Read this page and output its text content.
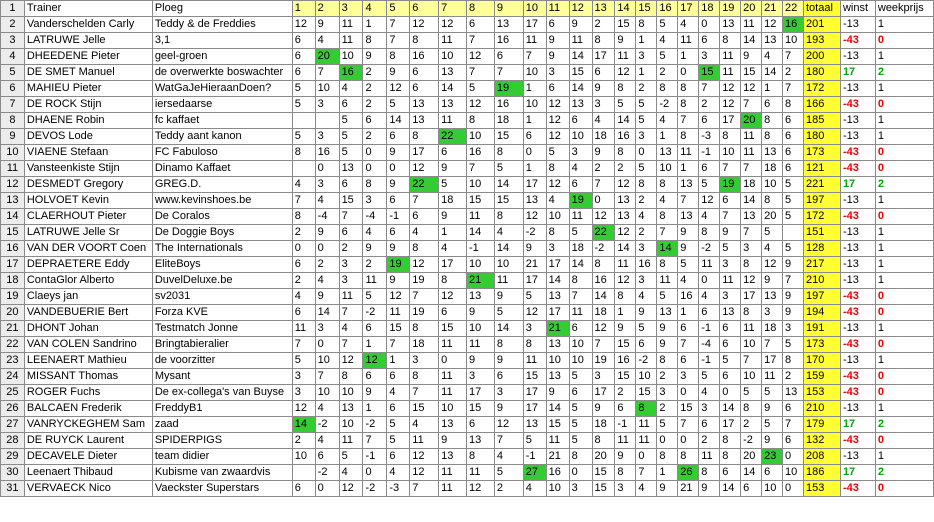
1	Trainer	Ploeg	1	2	3	4	5	6	7	8	9	10	11	12	13	14	15	16	17	18	19	20	21	22	totaal	winst	weekprijs
2	Vanderschelden Carly	Teddy & de Freddies	12	9	11	1	7	12	12	6	13	17	6	9	2	15	8	5	4	0	13	11	12	16	201	-13	1
3	LATRUWE Jelle	3,1	6	4	11	8	7	8	11	7	16	11	9	11	8	9	1	4	11	6	8	14	13	10	193	-43	0
4	DHEEDENE Pieter	geel-groen	6	20	10	9	8	16	10	12	6	7	9	14	17	11	3	5	1	3	11	9	4	7	200	-13	1
5	DE SMET Manuel	de overwerkte boswachter	6	7	16	2	9	6	13	7	7	10	3	15	6	12	1	2	0	15	11	15	14	2	180	17	2
6	MAHIEU Pieter	WatGaJeHieraanDoen?	5	10	4	2	12	6	14	5	19	1	6	14	9	8	2	8	8	7	12	12	1	7	172	-13	1
7	DE ROCK Stijn	iersedaarse	5	3	6	2	5	13	13	12	16	10	12	13	3	5	5	-2	8	2	12	7	6	8	166	-43	0
8	DHAENE Robin	fc kaffaet			5	6	14	13	11	8	18	1	12	6	4	14	5	4	7	6	17	20	8	6	185	-13	1
9	DEVOS Lode	Teddy aant kanon	5	3	5	2	6	8	22	10	15	6	12	10	18	16	3	1	8	-3	8	11	8	6	180	-13	1
10	VIAENE Stefaan	FC Fabuloso	8	16	5	0	9	17	6	16	8	0	5	3	9	8	0	13	11	-1	10	11	13	6	173	-43	0
11	Vansteenkiste Stijn	Dinamo Kaffaet		0	13	0	0	12	9	7	5	1	8	4	2	2	5	10	1	6	7	7	18	6	121	-43	0
12	DESMEDT Gregory	GREG.D.	4	3	6	8	9	22	5	10	14	17	12	6	7	12	8	8	13	5	19	18	10	5	221	17	2
13	HOLVOET Kevin	www.kevinshoes.be	7	4	15	3	6	7	18	15	15	13	4	19	0	13	2	4	7	12	6	14	8	5	197	-13	1
14	CLAERHOUT Pieter	De Coralos	8	-4	7	-4	-1	6	9	11	8	12	10	11	12	13	4	8	13	4	7	13	20	5	172	-43	0
15	LATRUWE Jelle Sr	De Doggie Boys	2	9	6	4	6	4	1	14	4	-2	8	5	22	12	2	7	9	8	9	7	5		151	-13	1
16	VAN DER VOORT Coen	The Internationals	0	0	2	9	9	8	4	-1	14	9	3	18	-2	14	3	14	9	-2	5	3	4	5	128	-13	1
17	DEPRAETERE Eddy	EliteBoys	6	2	3	2	19	12	17	10	10	21	17	14	8	11	16	8	5	11	3	8	12	9	217	-13	1
18	ContaGlor Alberto	DuvelDeluxe.be	2	4	3	11	9	19	8	21	11	17	14	8	16	12	3	11	4	0	11	12	9	7	210	-13	1
19	Claeys jan	sv2031	4	9	11	5	12	7	12	13	9	5	13	7	14	8	4	5	16	4	3	17	13	9	197	-43	0
20	VANDEBUERIE Bert	Forza KVE	6	14	7	-2	11	19	6	9	5	12	17	11	18	1	9	13	1	6	13	8	3	9	194	-43	0
21	DHONT Johan	Testmatch Jonne	11	3	4	6	15	8	15	10	14	3	21	6	12	9	5	9	6	-1	6	11	18	3	191	-13	1
22	VAN COLEN Sandrino	Bringtabieralier	7	0	7	1	7	18	11	11	8	8	13	10	7	15	6	9	7	-4	6	10	7	5	173	-43	0
23	LEENAERT Mathieu	de voorzitter	5	10	12	12	1	3	0	9	9	11	10	10	19	16	-2	8	6	-1	5	7	17	8	170	-13	1
24	MISSANT Thomas	Mysant	3	7	8	6	6	8	11	3	6	15	13	5	3	15	10	2	3	5	6	10	11	2	159	-43	0
25	ROGER Fuchs	De ex-collega's van Buyse	3	10	10	9	4	7	11	17	3	17	9	6	17	2	15	3	0	4	0	5	5	13	153	-43	0
26	BALCAEN Frederik	FreddyB1	12	4	13	1	6	15	10	15	9	17	14	5	9	6	8	2	15	3	14	8	9	6	210	-13	1
27	VANRYCKEGHEM Sam	zaad	14	-2	10	-2	5	4	13	6	12	13	15	5	18	-1	11	5	7	6	17	2	5	7	179	17	2
28	DE RUYCK Laurent	SPIDERPIGS	2	4	11	7	5	11	9	13	7	5	11	5	8	11	11	0	0	2	8	-2	9	6	132	-43	0
29	DECAVELE Dieter	team didier	10	6	5	-1	6	12	13	8	4	-1	21	8	20	9	0	8	8	11	8	20	23	0	208	-13	1
30	Leenaert Thibaud	Kubisme van zwaardvis		-2	4	0	4	12	11	11	5	27	16	0	15	8	7	1	26	8	6	14	6	10	186	17	2
31	VERVAECK Nico	Vaeckster Superstars	6	0	12	-2	-3	7	11	12	2	4	10	3	15	3	4	9	21	9	14	6	10	0	153	-43	0
